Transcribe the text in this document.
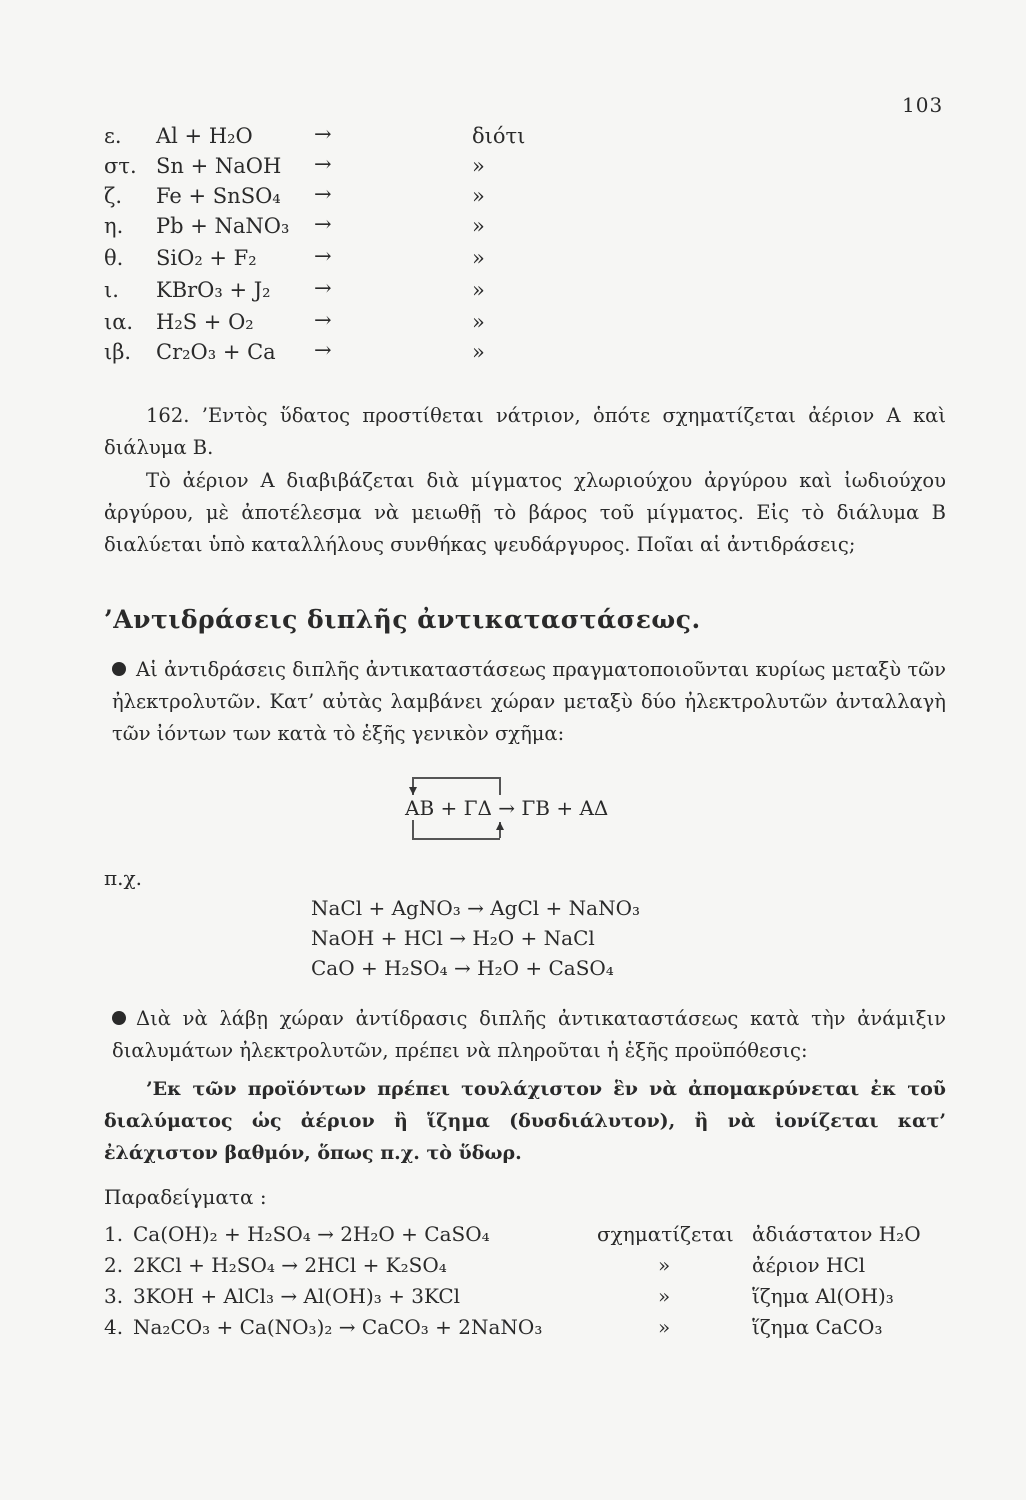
103
ε. Al + H₂O	→	διότι
στ. Sn + NaOH →	»
ζ. Fe + SnSO₄ →	»
η. Pb + NaNO₃ →	»
θ. SiO₂ + F₂	→	»
ι. KBrO₃ + J₂ →	»
ια. H₂S + O₂	→	»
ιβ. Cr₂O₃ + Ca →	»
162. ’Εντὸς ὕδατος προστίθεται νάτριον, ὁπότε σχηματίζεται ἀέριον Α καὶ διάλυμα Β.
Τὸ ἀέριον Α διαβιβάζεται διὰ μίγματος χλωριούχου ἀργύρου καὶ ἰωδιούχου ἀργύρου, μὲ ἀποτέλεσμα νὰ μειωθῇ τὸ βάρος τοῦ μίγματος. Εἰς τὸ διάλυμα Β διαλύεται ὑπὸ καταλλήλους συνθήκας ψευδάργυρος. Ποῖαι αἱ ἀντιδράσεις;
’Αντιδράσεις διπλῆς ἀντικαταστάσεως.
Αἱ ἀντιδράσεις διπλῆς ἀντικαταστάσεως πραγματοποιοῦνται κυρίως μεταξὺ τῶν ἠλεκτρολυτῶν. Κατ’ αὐτὰς λαμβάνει χώραν μεταξὺ δύο ἠλεκτρολυτῶν ἀνταλλαγὴ τῶν ἰόντων των κατὰ τὸ ἑξῆς γενικὸν σχῆμα:
ΑΒ + ΓΔ → ΓΒ + ΑΔ
π.χ.
NaCl + AgNO₃ → AgCl + NaNO₃
NaOH + HCl → H₂O + NaCl
CaO + H₂SO₄ → H₂O + CaSO₄
Διὰ νὰ λάβῃ χώραν ἀντίδρασις διπλῆς ἀντικαταστάσεως κατὰ τὴν ἀνάμιξιν διαλυμάτων ἠλεκτρολυτῶν, πρέπει νὰ πληροῦται ἡ ἑξῆς προϋπόθεσις:
’Εκ τῶν προϊόντων πρέπει τουλάχιστον ἓν νὰ ἀπομακρύνεται ἐκ τοῦ διαλύματος ὡς ἀέριον ἢ ἵζημα (δυσδιάλυτον), ἢ νὰ ἰονίζεται κατ’ ἐλάχιστον βαθμόν, ὅπως π.χ. τὸ ὕδωρ.
Παραδείγματα :
1. Ca(OH)₂ + H₂SO₄ → 2H₂O + CaSO₄	σχηματίζεται ἀδιάστατον H₂O
2. 2KCl + H₂SO₄ → 2HCl + K₂SO₄	»	ἀέριον HCl
3. 3KOH + AlCl₃ → Al(OH)₃ + 3KCl	»	ἵζημα Al(OH)₃
4. Na₂CO₃ + Ca(NO₃)₂ → CaCO₃ + 2NaNO₃	»	ἵζημα CaCO₃
